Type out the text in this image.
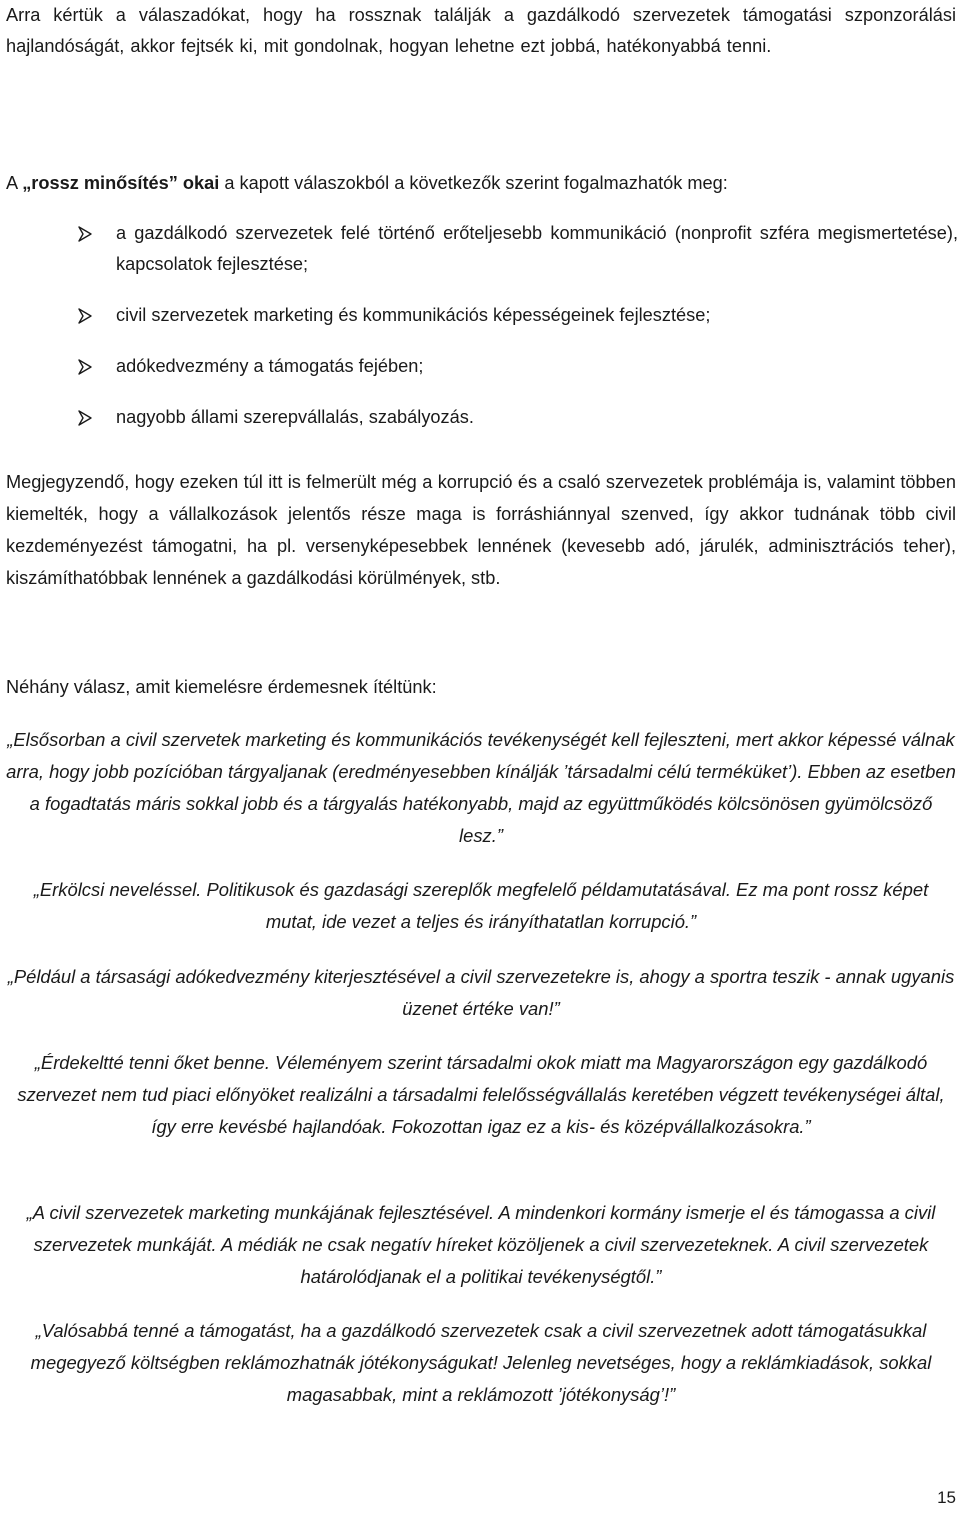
Arra kértük a válaszadókat, hogy ha rossznak találják a gazdálkodó szervezetek támogatási szponzorálási hajlandóságát, akkor fejtsék ki, mit gondolnak, hogyan lehetne ezt jobbá, hatékonyabbá tenni.

A „rossz minősítés” okai a kapott válaszokból a következők szerint fogalmazhatók meg:

a gazdálkodó szervezetek felé történő erőteljesebb kommunikáció (nonprofit szféra megismertetése), kapcsolatok fejlesztése;
civil szervezetek marketing és kommunikációs képességeinek fejlesztése;
adókedvezmény a támogatás fejében;
nagyobb állami szerepvállalás, szabályozás.

Megjegyzendő, hogy ezeken túl itt is felmerült még a korrupció és a csaló szervezetek problémája is, valamint többen kiemelték, hogy a vállalkozások jelentős része maga is forráshiánnyal szenved, így akkor tudnának több civil kezdeményezést támogatni, ha pl. versenyképesebbek lennének (kevesebb adó, járulék, adminisztrációs teher), kiszámíthatóbbak lennének a gazdálkodási körülmények, stb.

Néhány válasz, amit kiemelésre érdemesnek ítéltünk:

„Elsősorban a civil szervetek marketing és kommunikációs tevékenységét kell fejleszteni, mert akkor képessé válnak arra, hogy jobb pozícióban tárgyaljanak (eredményesebben kínálják ’társadalmi célú terméküket’). Ebben az esetben a fogadtatás máris sokkal jobb és a tárgyalás hatékonyabb, majd az együttműködés kölcsönösen gyümölcsöző lesz.”

„Erkölcsi neveléssel. Politikusok és gazdasági szereplők megfelelő példamutatásával. Ez ma pont rossz képet mutat, ide vezet a teljes és irányíthatatlan korrupció.”

„Például a társasági adókedvezmény kiterjesztésével a civil szervezetekre is, ahogy a sportra teszik - annak ugyanis üzenet értéke van!”

„Érdekeltté tenni őket benne. Véleményem szerint társadalmi okok miatt ma Magyarországon egy gazdálkodó szervezet nem tud piaci előnyöket realizálni a társadalmi felelősségvállalás keretében végzett tevékenységei által, így erre kevésbé hajlandóak. Fokozottan igaz ez a kis- és középvállalkozásokra.”

„A civil szervezetek marketing munkájának fejlesztésével. A mindenkori kormány ismerje el és támogassa a civil szervezetek munkáját. A médiák ne csak negatív híreket közöljenek a civil szervezeteknek. A civil szervezetek határolódjanak el a politikai tevékenységtől.”

„Valósabbá tenné a támogatást, ha a gazdálkodó szervezetek csak a civil szervezetnek adott támogatásukkal megegyező költségben reklámozhatnák jótékonyságukat! Jelenleg nevetséges, hogy a reklámkiadások, sokkal magasabbak, mint a reklámozott ’jótékonyság’!”

15
